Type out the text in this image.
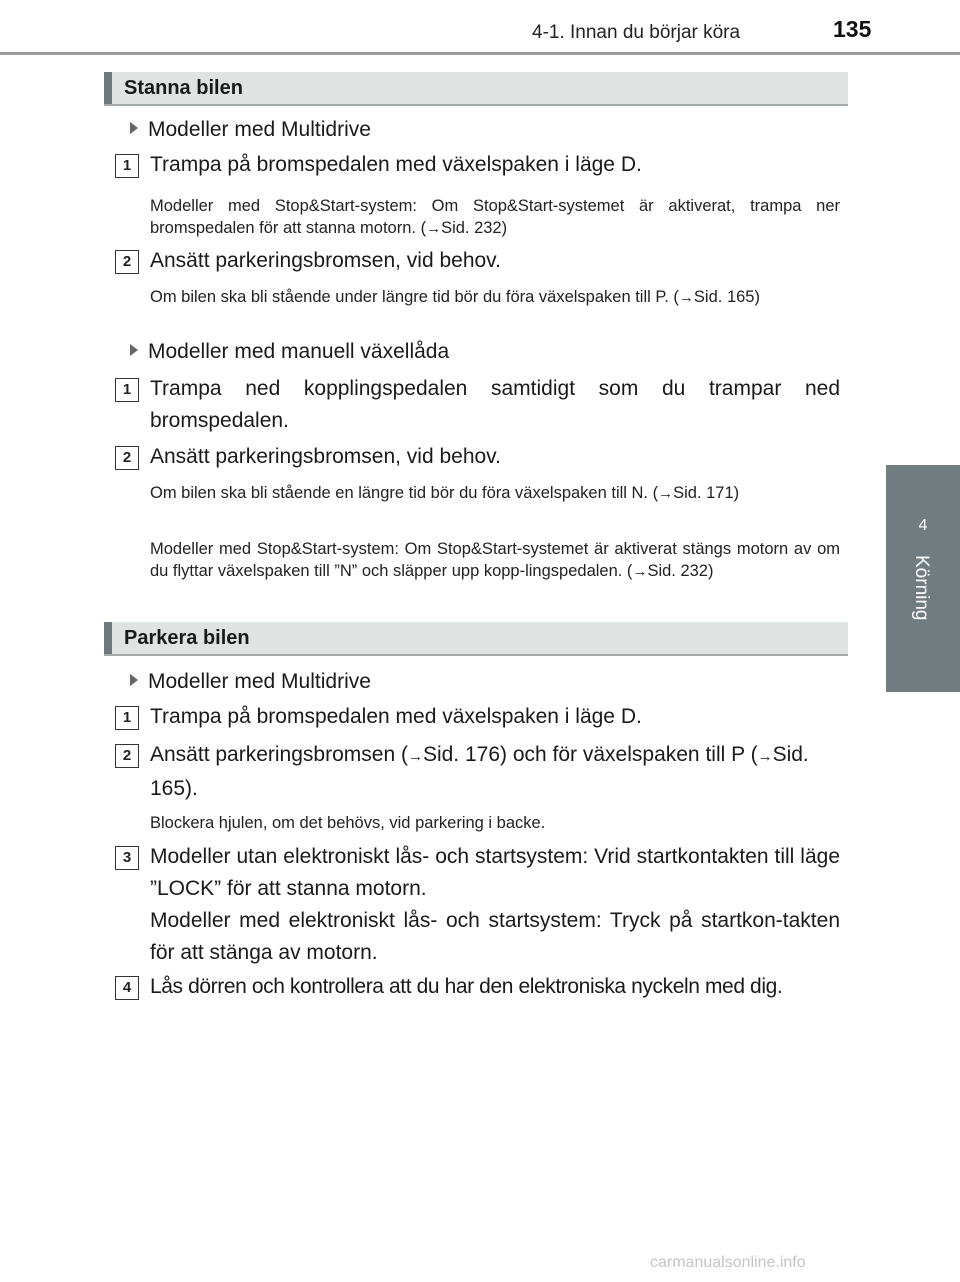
4-1. Innan du börjar köra	135
4
Körning
Stanna bilen
Modeller med Multidrive
1 Trampa på bromspedalen med växelspaken i läge D.
Modeller med Stop&Start-system: Om Stop&Start-systemet är aktiverat, trampa ner bromspedalen för att stanna motorn. (→Sid. 232)
2 Ansätt parkeringsbromsen, vid behov.
Om bilen ska bli stående under längre tid bör du föra växelspaken till P. (→Sid. 165)
Modeller med manuell växellåda
1 Trampa ned kopplingspedalen samtidigt som du trampar ned bromspedalen.
2 Ansätt parkeringsbromsen, vid behov.
Om bilen ska bli stående en längre tid bör du föra växelspaken till N. (→Sid. 171)
Modeller med Stop&Start-system: Om Stop&Start-systemet är aktiverat stängs motorn av om du flyttar växelspaken till ”N” och släpper upp kopp-lingspedalen. (→Sid. 232)
Parkera bilen
Modeller med Multidrive
1 Trampa på bromspedalen med växelspaken i läge D.
2 Ansätt parkeringsbromsen (→Sid. 176) och för växelspaken till P (→Sid. 165).
Blockera hjulen, om det behövs, vid parkering i backe.
3 Modeller utan elektroniskt lås- och startsystem: Vrid startkontakten till läge ”LOCK” för att stanna motorn.
Modeller med elektroniskt lås- och startsystem: Tryck på startkon-takten för att stänga av motorn.
4 Lås dörren och kontrollera att du har den elektroniska nyckeln med dig.
carmanualsonline.info
